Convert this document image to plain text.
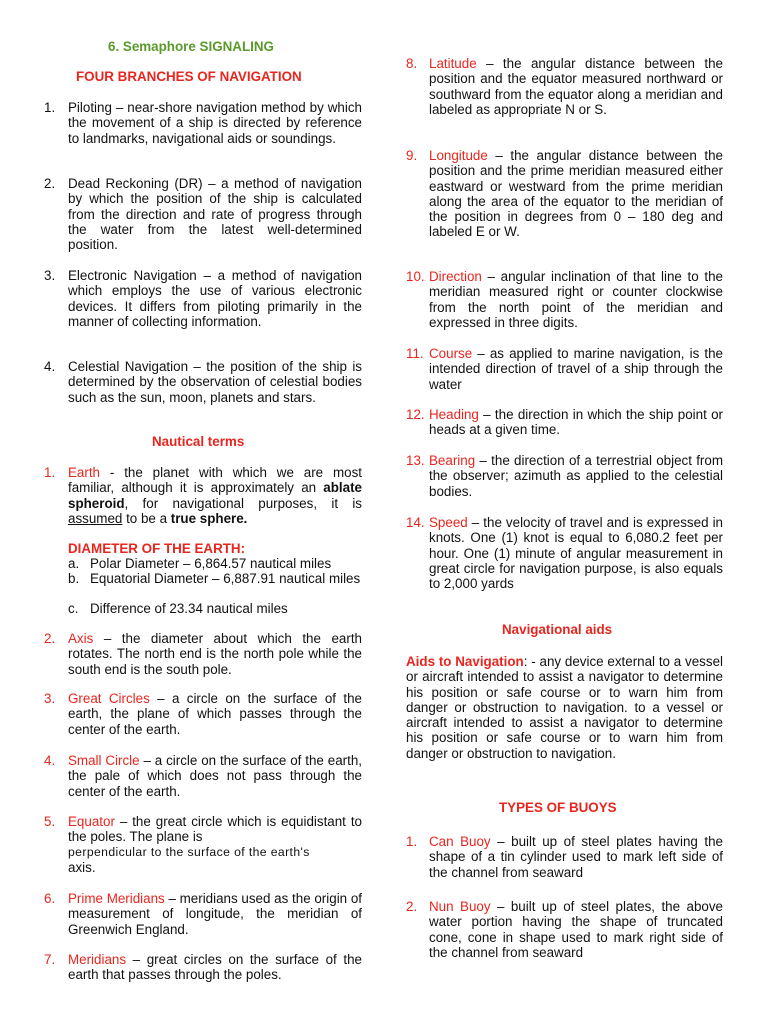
6. Semaphore SIGNALING
FOUR BRANCHES OF NAVIGATION
1. Piloting – near-shore navigation method by which the movement of a ship is directed by reference to landmarks, navigational aids or soundings.

2. Dead Reckoning (DR) – a method of navigation by which the position of the ship is calculated from the direction and rate of progress through the water from the latest well-determined position.

3. Electronic Navigation – a method of navigation which employs the use of various electronic devices. It differs from piloting primarily in the manner of collecting information.

4. Celestial Navigation – the position of the ship is determined by the observation of celestial bodies such as the sun, moon, planets and stars.

Nautical terms
1. Earth - the planet with which we are most familiar, although it is approximately an ablate spheroid, for navigational purposes, it is assumed to be a true sphere.

DIAMETER OF THE EARTH:
a. Polar Diameter – 6,864.57 nautical miles

b. Equatorial Diameter – 6,887.91 nautical miles

c. Difference of 23.34 nautical miles

2. Axis – the diameter about which the earth rotates. The north end is the north pole while the south end is the south pole.

3. Great Circles – a circle on the surface of the earth, the plane of which passes through the center of the earth.

4. Small Circle – a circle on the surface of the earth, the pale of which does not pass through the center of the earth.

5. Equator – the great circle which is equidistant to the poles. The plane is

perpendicular to the surface of the earth's

axis.

6. Prime Meridians – meridians used as the origin of measurement of longitude, the meridian of Greenwich England.

7. Meridians – great circles on the surface of the earth that passes through the poles.

8. Latitude – the angular distance between the position and the equator measured northward or southward from the equator along a meridian and labeled as appropriate N or S.

9. Longitude – the angular distance between the position and the prime meridian measured either eastward or westward from the prime meridian along the area of the equator to the meridian of the position in degrees from 0 – 180 deg and labeled E or W.

10. Direction – angular inclination of that line to the meridian measured right or counter clockwise from the north point of the meridian and expressed in three digits.

11. Course – as applied to marine navigation, is the intended direction of travel of a ship through the water

12. Heading – the direction in which the ship point or heads at a given time.

13. Bearing – the direction of a terrestrial object from the observer; azimuth as applied to the celestial bodies.

14. Speed – the velocity of travel and is expressed in knots. One (1) knot is equal to 6,080.2 feet per hour. One (1) minute of angular measurement in great circle for navigation purpose, is also equals to 2,000 yards

Navigational aids

Aids to Navigation: - any device external to a vessel or aircraft intended to assist a navigator to determine his position or safe course or to warn him from danger or obstruction to navigation. to a vessel or aircraft intended to assist a navigator to determine his position or safe course or to warn him from danger or obstruction to navigation.

TYPES OF BUOYS
1. Can Buoy – built up of steel plates having the shape of a tin cylinder used to mark left side of the channel from seaward

2. Nun Buoy – built up of steel plates, the above water portion having the shape of truncated cone, cone in shape used to mark right side of the channel from seaward
